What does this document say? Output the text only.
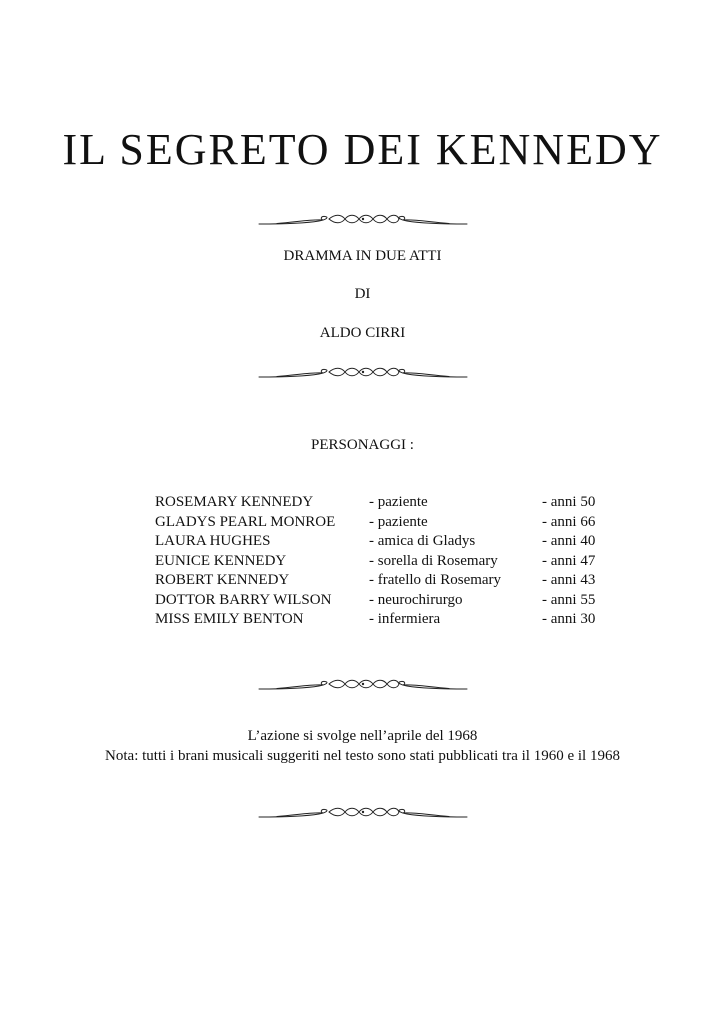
IL SEGRETO DEI KENNEDY
DRAMMA IN DUE ATTI
DI
ALDO CIRRI
PERSONAGGI :
ROSEMARY KENNEDY	- paziente	- anni 50
GLADYS PEARL MONROE - paziente	- anni 66
LAURA HUGHES	- amica di Gladys	- anni 40
EUNICE KENNEDY	- sorella di Rosemary	- anni 47
ROBERT KENNEDY	- fratello di Rosemary	- anni 43
DOTTOR BARRY WILSON	- neurochirurgo	- anni 55
MISS EMILY BENTON	- infermiera	- anni 30
L’azione si svolge nell’aprile del 1968
Nota: tutti i brani musicali suggeriti nel testo sono stati pubblicati tra il 1960 e il 1968
